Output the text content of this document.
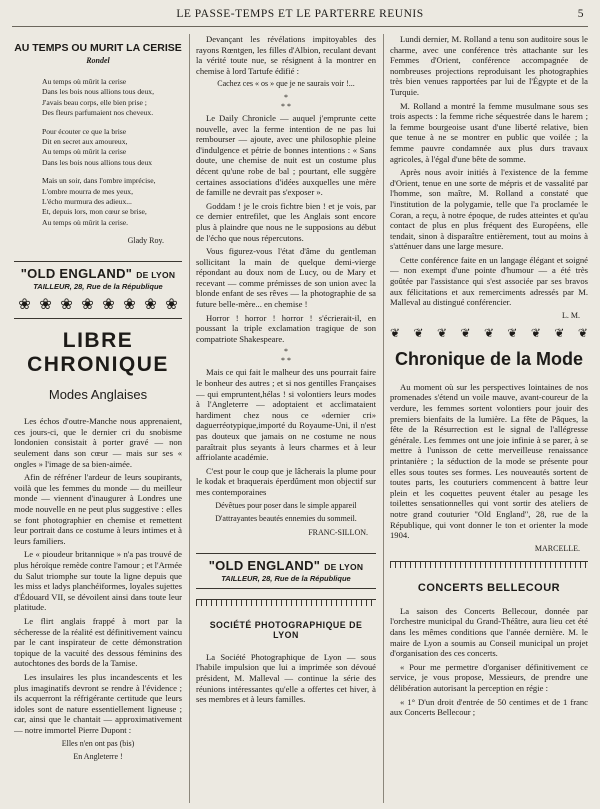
LE PASSE-TEMPS ET LE PARTERRE REUNIS	5
AU TEMPS OU MURIT LA CERISE
Rondel
Au temps où mûrit la cerise
Dans les bois nous allions tous deux,
J'avais beau corps, elle bien prise ;
Des fleurs parfumaient nos cheveux.
Pour écouter ce que la brise
Dit en secret aux amoureux,
Au temps où mûrit la cerise
Dans les bois nous allions tous deux
Mais un soir, dans l'ombre imprécise,
L'ombre mourra de mes yeux,
L'écho murmura des adieux...
Et, depuis lors, mon cœur se brise,
Au temps où mûrit la cerise.
Glady Roy.
"OLD ENGLAND" DE LYON
TAILLEUR, 28, Rue de la République
❀ ❀ ❀ ❀ ❀ ❀ ❀ ❀
LIBRE CHRONIQUE
Modes Anglaises

Les échos d'outre-Manche nous apprenaient, ces jours-ci, que le dernier cri du snobisme londonien consistait à porter gravé — non seulement dans son cœur — mais sur ses « ongles » l'image de sa bien-aimée.

Afin de réfréner l'ardeur de leurs soupirants, voilà que les femmes du monde — du meilleur monde — viennent d'inaugurer à Londres une mode nouvelle en ne peut plus suggestive : elles se font photographier en chemise et remettent leur portrait dans ce costume à leurs intimes et à leurs familiers.

Le « pioudeur britannique » n'a pas trouvé de plus héroïque remède contre l'amour ; et l'Armée du Salut triomphe sur toute la ligne depuis que les miss et ladys planchéiformes, loyales sujettes d'Édouard VII, se dévoilent ainsi dans toute leur platitude.

Le flirt anglais frappé à mort par la sécheresse de la réalité est définitivement vaincu par le cant inspirateur de cette démonstration topique de la vacuité des dessous féminins des autochtones des bords de la Tamise.

Les insulaires les plus incandescents et les plus imaginatifs devront se rendre à l'évidence ; ils acquerront la réfrigérante certitude que leurs idoles sont de nature essentiellement ligneuse ; car, ainsi que le chantait — approximativement — notre immortel Pierre Dupont :

Elles n'en ont pas (bis)

En Angleterre !

Devançant les révélations impitoyables des rayons Rœntgen, les filles d'Albion, reculant devant la vérité toute nue, se résignent à la montrer en chemise à lord Tartufe édifié :

Cachez ces « os » que je ne saurais voir !...

*
* *

Le Daily Chronicle — auquel j'emprunte cette nouvelle, avec la ferme intention de ne pas lui rembourser — ajoute, avec une philosophie pleine d'indulgence et pétrie de bonnes intentions : « Sans doute, une chemise de nuit est un costume plus décent qu'une robe de bal ; pourtant, elle suggère certaines associations d'idées auxquelles une mère de famille ne devrait pas s'exposer ».

Goddam ! je le crois fichtre bien ! et je vois, par ce dernier entrefilet, que les Anglais sont encore plus à plaindre que nous ne le supposions au début de l'écho que nous répercutons.

Vous figurez-vous l'état d'âme du gentleman sollicitant la main de quelque demi-vierge répondant au doux nom de Lucy, ou de Mary et recevant — comme prémisses de son union avec la blonde enfant de ses rêves — la photographie de sa future belle-mère... en chemise !

Horror ! horror ! horror ! s'écrierait-il, en poussant la triple exclamation tragique de son compatriote Shakespeare.

*
* *

Mais ce qui fait le malheur des uns pourrait faire le bonheur des autres ; et si nos gentilles Françaises — qui empruntent,hélas ! si volontiers leurs modes à l'Angleterre — adoptaient et acclimataient hardiment chez nous ce «dernier cri» daguerréotypique,importé du Royaume-Uni, il n'est pas douteux que jamais on ne costume ne nous paraîtrait plus seyants à leurs charmes et à leur affriolante académie.

C'est pour le coup que je lâcherais la plume pour le kodak et braquerais éperdûment mon objectif sur mes contemporaines

Dévêtues pour poser dans le simple appareil

D'attrayantes beautés ennemies du sommeil.

FRANC-SILLON.
"OLD ENGLAND" DE LYON
TAILLEUR, 28, Rue de la République
SOCIÉTÉ PHOTOGRAPHIQUE DE LYON

La Société Photographique de Lyon — sous l'habile impulsion que lui a imprimée son dévoué président, M. Malleval — continue la série des réunions intéressantes qu'elle a offertes cet hiver, à ses membres et à leurs familles.

Lundi dernier, M. Rolland a tenu son auditoire sous le charme, avec une conférence très attachante sur les Femmes d'Orient, conférence accompagnée de nombreuses projections reproduisant les photographies très bien venues rapportées par lui de l'Égypte et de la Turquie.

M. Rolland a montré la femme musulmane sous ses trois aspects : la femme riche séquestrée dans le harem ; la femme bourgeoise usant d'une liberté relative, bien que tenue à ne se montrer en public que voilée ; la femme pauvre condamnée aux plus durs travaux agricoles, à l'égal d'une bête de somme.

Après nous avoir initiés à l'existence de la femme d'Orient, tenue en une sorte de mépris et de vassalité par l'homme, son maître, M. Rolland a constaté que l'institution de la polygamie, telle que l'a proclamée le Coran, a reçu, à notre époque, de rudes atteintes et qu'au contact de plus en plus fréquent des Européens, elle tendait, sinon à disparaître entièrement, tout au moins à s'atténuer dans une large mesure.

Cette conférence faite en un langage élégant et soigné — non exempt d'une pointe d'humour — a été très goûtée par l'assistance qui s'est associée par ses bravos aux félicitations et aux remerciments adressés par M. Malleval au distingué conférencier.

L. M.
❦ ❦ ❦ ❦ ❦ ❦ ❦ ❦ ❦
Chronique de la Mode

Au moment où sur les perspectives lointaines de nos promenades s'étend un voile mauve, avant-coureur de la verdure, les femmes sortent volontiers pour jouir des premiers bienfaits de la lumière. La fête de Pâques, la fête de la Résurrection est le signal de l'allégresse générale. Les femmes ont une joie infinie à se parer, à se mettre à l'unisson de cette merveilleuse renaissance printanière ; la séduction de la mode se présente pour elles sous toutes ses formes. Les nouveautés sortent de toutes parts, les couturiers commencent à battre leur plein et les coquettes peuvent étaler au pesage les toilettes sensationnelles qui vont sortir des ateliers de notre grand couturier "Old England", 28, rue de la République, qui vont donner le ton et orienter la mode 1904.

MARCELLE.
CONCERTS BELLECOUR

La saison des Concerts Bellecour, donnée par l'orchestre municipal du Grand-Théâtre, aura lieu cet été dans les mêmes conditions que l'année dernière. M. le maire de Lyon a soumis au Conseil municipal un projet d'organisation des ces concerts.

« Pour me permettre d'organiser définitivement ce service, je vous propose, Messieurs, de prendre une délibération autorisant la perception en régie :

« 1° D'un droit d'entrée de 50 centimes et de 1 franc aux Concerts Bellecour ;
